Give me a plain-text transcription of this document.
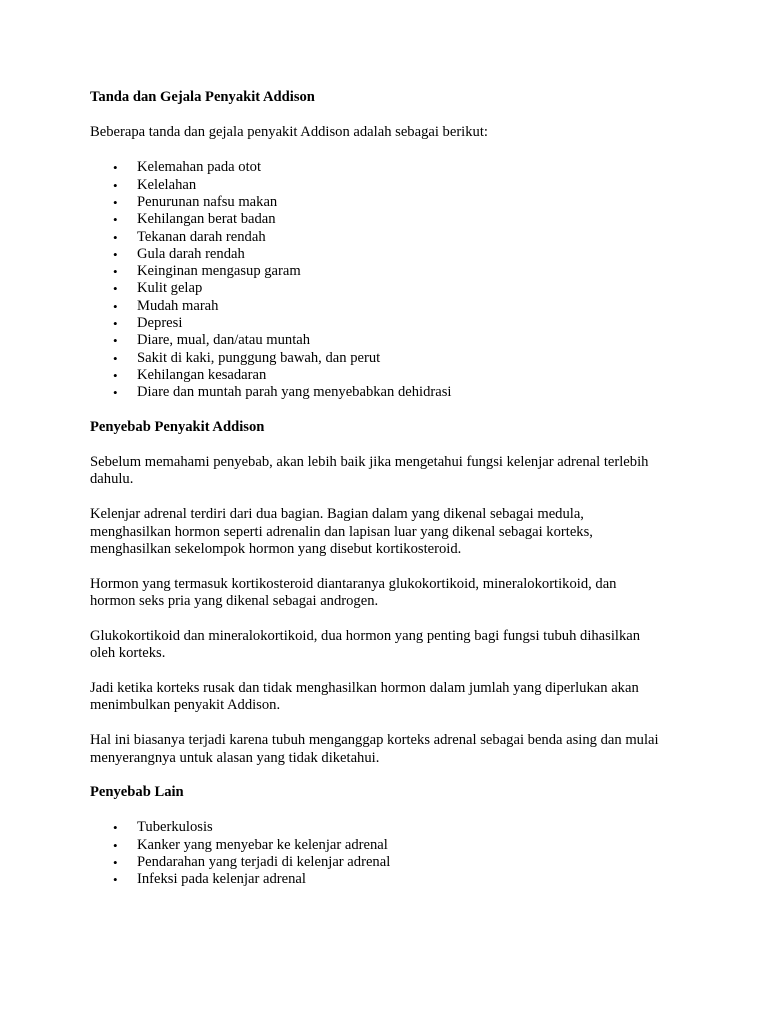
Tanda dan Gejala Penyakit Addison

Beberapa tanda dan gejala penyakit Addison adalah sebagai berikut:

• Kelemahan pada otot
• Kelelahan
• Penurunan nafsu makan
• Kehilangan berat badan
• Tekanan darah rendah
• Gula darah rendah
• Keinginan mengasup garam
• Kulit gelap
• Mudah marah
• Depresi
• Diare, mual, dan/atau muntah
• Sakit di kaki, punggung bawah, dan perut
• Kehilangan kesadaran
• Diare dan muntah parah yang menyebabkan dehidrasi
Penyebab Penyakit Addison

Sebelum memahami penyebab, akan lebih baik jika mengetahui fungsi kelenjar adrenal terlebih
dahulu.

Kelenjar adrenal terdiri dari dua bagian. Bagian dalam yang dikenal sebagai medula,
menghasilkan hormon seperti adrenalin dan lapisan luar yang dikenal sebagai korteks,
menghasilkan sekelompok hormon yang disebut kortikosteroid.

Hormon yang termasuk kortikosteroid diantaranya glukokortikoid, mineralokortikoid, dan
hormon seks pria yang dikenal sebagai androgen.

Glukokortikoid dan mineralokortikoid, dua hormon yang penting bagi fungsi tubuh dihasilkan
oleh korteks.

Jadi ketika korteks rusak dan tidak menghasilkan hormon dalam jumlah yang diperlukan akan
menimbulkan penyakit Addison.

Hal ini biasanya terjadi karena tubuh menganggap korteks adrenal sebagai benda asing dan mulai
menyerangnya untuk alasan yang tidak diketahui.

Penyebab Lain
• Tuberkulosis
• Kanker yang menyebar ke kelenjar adrenal
• Pendarahan yang terjadi di kelenjar adrenal
• Infeksi pada kelenjar adrenal
